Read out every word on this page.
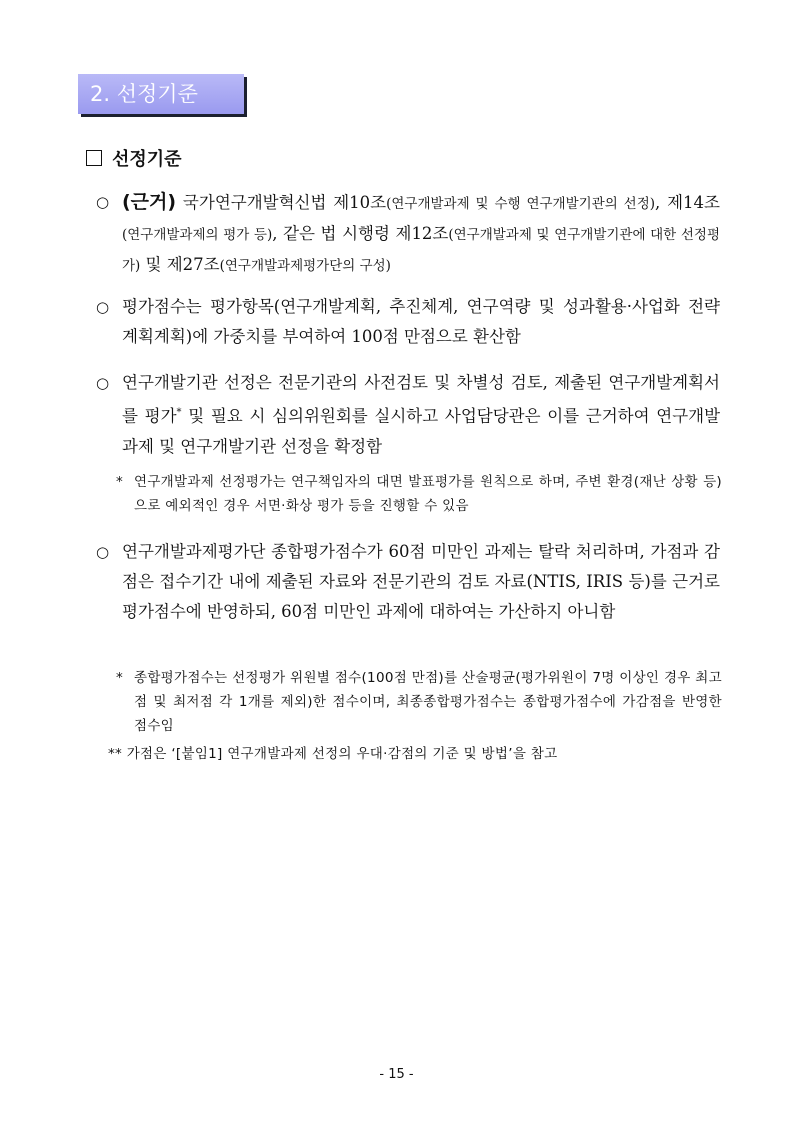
2. 선정기준
선정기준
○ (근거) 국가연구개발혁신법 제10조(연구개발과제 및 수행 연구개발기관의 선정), 제14조(연구개발과제의 평가 등), 같은 법 시행령 제12조(연구개발과제 및 연구개발기관에 대한 선정평가) 및 제27조(연구개발과제평가단의 구성)
○ 평가점수는 평가항목(연구개발계획, 추진체계, 연구역량 및 성과활용·사업화 전략 계획계획)에 가중치를 부여하여 100점 만점으로 환산함
○ 연구개발기관 선정은 전문기관의 사전검토 및 차별성 검토, 제출된 연구개발계획서를 평가* 및 필요 시 심의위원회를 실시하고 사업담당관은 이를 근거하여 연구개발과제 및 연구개발기관 선정을 확정함
* 연구개발과제 선정평가는 연구책임자의 대면 발표평가를 원칙으로 하며, 주변 환경(재난 상황 등)으로 예외적인 경우 서면·화상 평가 등을 진행할 수 있음
○ 연구개발과제평가단 종합평가점수가 60점 미만인 과제는 탈락 처리하며, 가점과 감점은 접수기간 내에 제출된 자료와 전문기관의 검토 자료(NTIS, IRIS 등)를 근거로 평가점수에 반영하되, 60점 미만인 과제에 대하여는 가산하지 아니함
* 종합평가점수는 선정평가 위원별 점수(100점 만점)를 산술평균(평가위원이 7명 이상인 경우 최고점 및 최저점 각 1개를 제외)한 점수이며, 최종종합평가점수는 종합평가점수에 가감점을 반영한 점수임
** 가점은 ‘[붙임1] 연구개발과제 선정의 우대·감점의 기준 및 방법’을 참고
- 15 -
